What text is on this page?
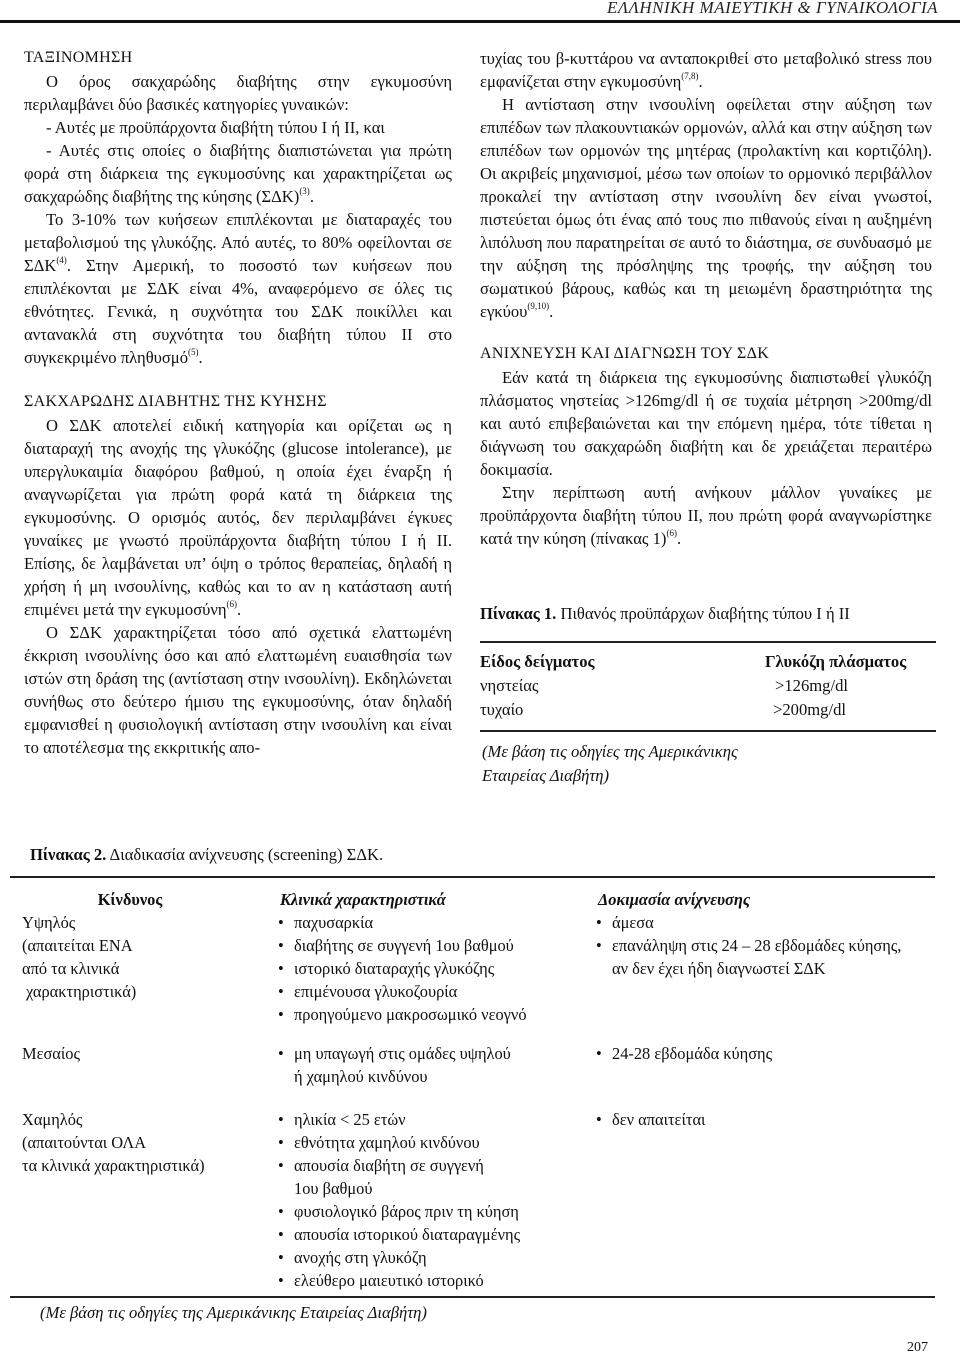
ΕΛΛΗΝΙΚΗ ΜΑΙΕΥΤΙΚΗ & ΓΥΝΑΙΚΟΛΟΓΙΑ
ΤΑΞΙΝΟΜΗΣΗ

Ο όρος σακχαρώδης διαβήτης στην εγκυμοσύνη περιλαμβάνει δύο βασικές κατηγορίες γυναικών:

- Αυτές με προϋπάρχοντα διαβήτη τύπου Ι ή ΙΙ, και

- Αυτές στις οποίες ο διαβήτης διαπιστώνεται για πρώτη φορά στη διάρκεια της εγκυμοσύνης και χαρακτηρίζεται ως σακχαρώδης διαβήτης της κύησης $(\Sigma\Delta K)^{(3)}$.

Το 3-10% των κυήσεων επιπλέκονται με διαταραχές του μεταβολισμού της γλυκόζης. Από αυτές, το 80% οφείλονται σε ΣΔΚ$^{(4)}$. Στην Αμερική, το ποσοστό των κυήσεων που επιπλέκονται με ΣΔΚ είναι 4%, αναφερόμενο σε όλες τις εθνότητες. Γενικά, η συχνότητα του ΣΔΚ ποικίλλει και αντανακλά στη συχνότητα του διαβήτη τύπου ΙΙ στο συγκεκριμένο πληθυσμό$^{(5)}$.

ΣΑΚΧΑΡΩΔΗΣ ΔΙΑΒΗΤΗΣ ΤΗΣ ΚΥΗΣΗΣ

Ο ΣΔΚ αποτελεί ειδική κατηγορία και ορίζεται ως η διαταραχή της ανοχής της γλυκόζης (glucose intolerance), με υπεργλυκαιμία διαφόρου βαθμού, η οποία έχει έναρξη ή αναγνωρίζεται για πρώτη φορά κατά τη διάρκεια της εγκυμοσύνης. Ο ορισμός αυτός, δεν περιλαμβάνει έγκυες γυναίκες με γνωστό προϋπάρχοντα διαβήτη τύπου Ι ή ΙΙ. Επίσης, δε λαμβάνεται υπ’ όψη ο τρόπος θεραπείας, δηλαδή η χρήση ή μη ινσουλίνης, καθώς και το αν η κατάσταση αυτή επιμένει μετά την εγκυμοσύνη$^{(6)}$.

Ο ΣΔΚ χαρακτηρίζεται τόσο από σχετικά ελαττωμένη έκκριση ινσουλίνης όσο και από ελαττωμένη ευαισθησία των ιστών στη δράση της (αντίσταση στην ινσουλίνη). Εκδηλώνεται συνήθως στο δεύτερο ήμισυ της εγκυμοσύνης, όταν δηλαδή εμφανισθεί η φυσιολογική αντίσταση στην ινσουλίνη και είναι το αποτέλεσμα της εκκριτικής απο-

τυχίας του β-κυττάρου να ανταποκριθεί στο μεταβολικό stress που εμφανίζεται στην εγκυμοσύνη$^{(7,8)}$.

Η αντίσταση στην ινσουλίνη οφείλεται στην αύξηση των επιπέδων των πλακουντιακών ορμονών, αλλά και στην αύξηση των επιπέδων των ορμονών της μητέρας (προλακτίνη και κορτιζόλη). Οι ακριβείς μηχανισμοί, μέσω των οποίων το ορμονικό περιβάλλον προκαλεί την αντίσταση στην ινσουλίνη δεν είναι γνωστοί, πιστεύεται όμως ότι ένας από τους πιο πιθανούς είναι η αυξημένη λιπόλυση που παρατηρείται σε αυτό το διάστημα, σε συνδυασμό με την αύξηση της πρόσληψης της τροφής, την αύξηση του σωματικού βάρους, καθώς και τη μειωμένη δραστηριότητα της εγκύου$^{(9,10)}$.

ΑΝΙΧΝΕΥΣΗ ΚΑΙ ΔΙΑΓΝΩΣΗ ΤΟΥ ΣΔΚ

Εάν κατά τη διάρκεια της εγκυμοσύνης διαπιστωθεί γλυκόζη πλάσματος νηστείας >126mg/dl ή σε τυχαία μέτρηση >200mg/dl και αυτό επιβεβαιώνεται και την επόμενη ημέρα, τότε τίθεται η διάγνωση του σακχαρώδη διαβήτη και δε χρειάζεται περαιτέρω δοκιμασία.

Στην περίπτωση αυτή ανήκουν μάλλον γυναίκες με προϋπάρχοντα διαβήτη τύπου ΙΙ, που πρώτη φορά αναγνωρίστηκε κατά την κύηση (πίνακας 1)$^{(6)}$.

Πίνακας 1. Πιθανός προϋπάρχων διαβήτης τύπου Ι ή ΙΙ
Είδος δείγματος	Γλυκόζη πλάσματος
νηστείας	>126mg/dl
τυχαίο	>200mg/dl
(Με βάση τις οδηγίες της Αμερικάνικης
Εταιρείας Διαβήτη)
Πίνακας 2. Διαδικασία ανίχνευσης (screening) ΣΔΚ.
Κίνδυνος	Κλινικά χαρακτηριστικά	Δοκιμασία ανίχνευσης
Υψηλός
(απαιτείται ΕΝΑ
από τα κλινικά
χαρακτηριστικά)
• παχυσαρκία
• διαβήτης σε συγγενή 1ου βαθμού
• ιστορικό διαταραχής γλυκόζης
• επιμένουσα γλυκοζουρία
• προηγούμενο μακροσωμικό νεογνό
• άμεσα
• επανάληψη στις 24 – 28 εβδομάδες κύησης,
αν δεν έχει ήδη διαγνωστεί ΣΔΚ
Μεσαίος
•	μη υπαγωγή στις ομάδες υψηλού
ή χαμηλού κινδύνου
• 24-28 εβδομάδα κύησης
Χαμηλός
(απαιτούνται ΟΛΑ
τα κλινικά χαρακτηριστικά)
• ηλικία < 25 ετών
• εθνότητα χαμηλού κινδύνου
• απουσία διαβήτη σε συγγενή
1ου βαθμού
• φυσιολογικό βάρος πριν τη κύηση
• απουσία ιστορικού διαταραγμένης
• ανοχής στη γλυκόζη
• ελεύθερο μαιευτικό ιστορικό
• δεν απαιτείται
(Με βάση τις οδηγίες της Αμερικάνικης Εταιρείας Διαβήτη)
207
